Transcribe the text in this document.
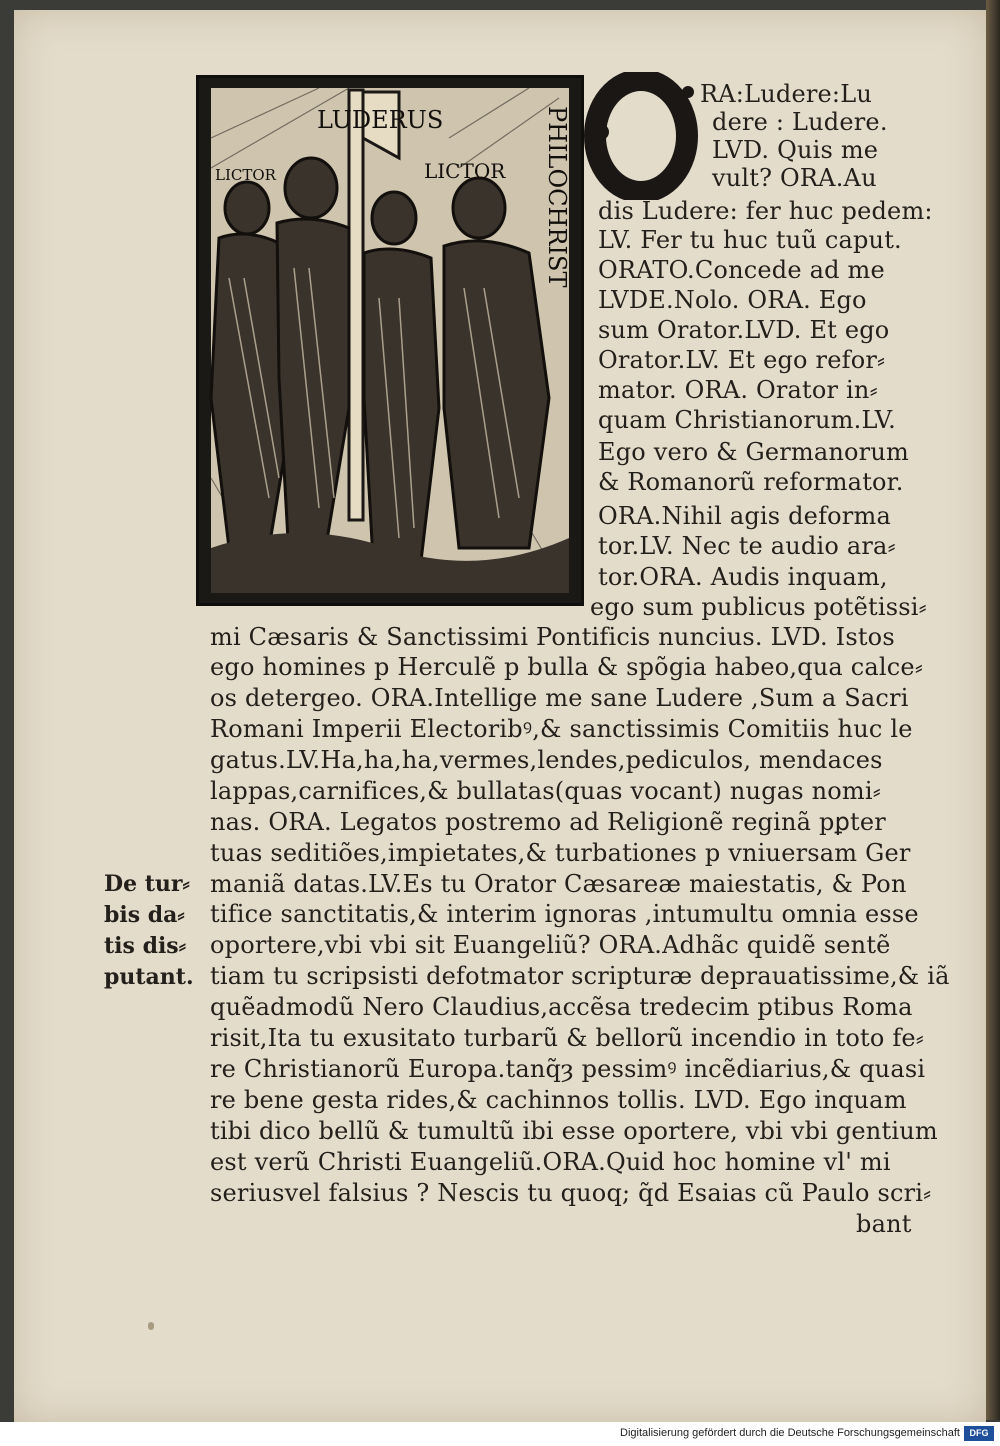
LUDERUS
LICTOR	LICTOR PHILOCHRIST
RA:Ludere:Lu
dere : Ludere.
LVD. Quis me
vult? ORA.Au
dis Ludere: fer huc pedem:
LV. Fer tu huc tuũ caput.
ORATO.Concede ad me
LVDE.Nolo. ORA. Ego
sum Orator.LVD. Et ego
Orator.LV. Et ego refor⸗
mator. ORA. Orator in⸗
quam Christianorum.LV.
Ego vero & Germanorum
& Romanorũ reformator.
ORA.Nihil agis deforma
tor.LV. Nec te audio ara⸗
tor.ORA. Audis inquam,
ego sum publicus potẽtissi⸗
mi Cæsaris & Sanctissimi Pontificis nuncius. LVD. Istos
ego homines p Herculẽ p bulla & spõgia habeo,qua calce⸗
os detergeo. ORA.Intellige me sane Ludere ,Sum a Sacri
Romani Imperii Electoribꝰ,& sanctissimis Comitiis huc le
gatus.LV.Ha,ha,ha,vermes,lendes,pediculos, mendaces
lappas,carnifices,& bullatas(quas vocant) nugas nomi⸗
nas. ORA. Legatos postremo ad Religionẽ reginã pꝑter
tuas seditiões,impietates,& turbationes p vniuersam Ger
maniã datas.LV.Es tu Orator Cæsareæ maiestatis, & Pon
tifice sanctitatis,& interim ignoras ,intumultu omnia esse
oportere,vbi vbi sit Euangeliũ? ORA.Adhãc quidẽ sentẽ
tiam tu scripsisti defotmator scripturæ deprauatissime,& iã
quẽadmodũ Nero Claudius,accẽsa tredecim ptibus Roma
risit,Ita tu exusitato turbarũ & bellorũ incendio in toto fe⸗
re Christianorũ Europa.tanq̃ȝ pessimꝰ incẽdiarius,& quasi
re bene gesta rides,& cachinnos tollis. LVD. Ego inquam
tibi dico bellũ & tumultũ ibi esse oportere, vbi vbi gentium
est verũ Christi Euangeliũ.ORA.Quid hoc homine vl' mi
seriusvel falsius ? Nescis tu quoq; q̃d Esaias cũ Paulo scri⸗
bant
De tur⸗
bis da⸗
tis dis⸗
putant.
Digitalisierung gefördert durch die Deutsche Forschungsgemeinschaft	DFG
